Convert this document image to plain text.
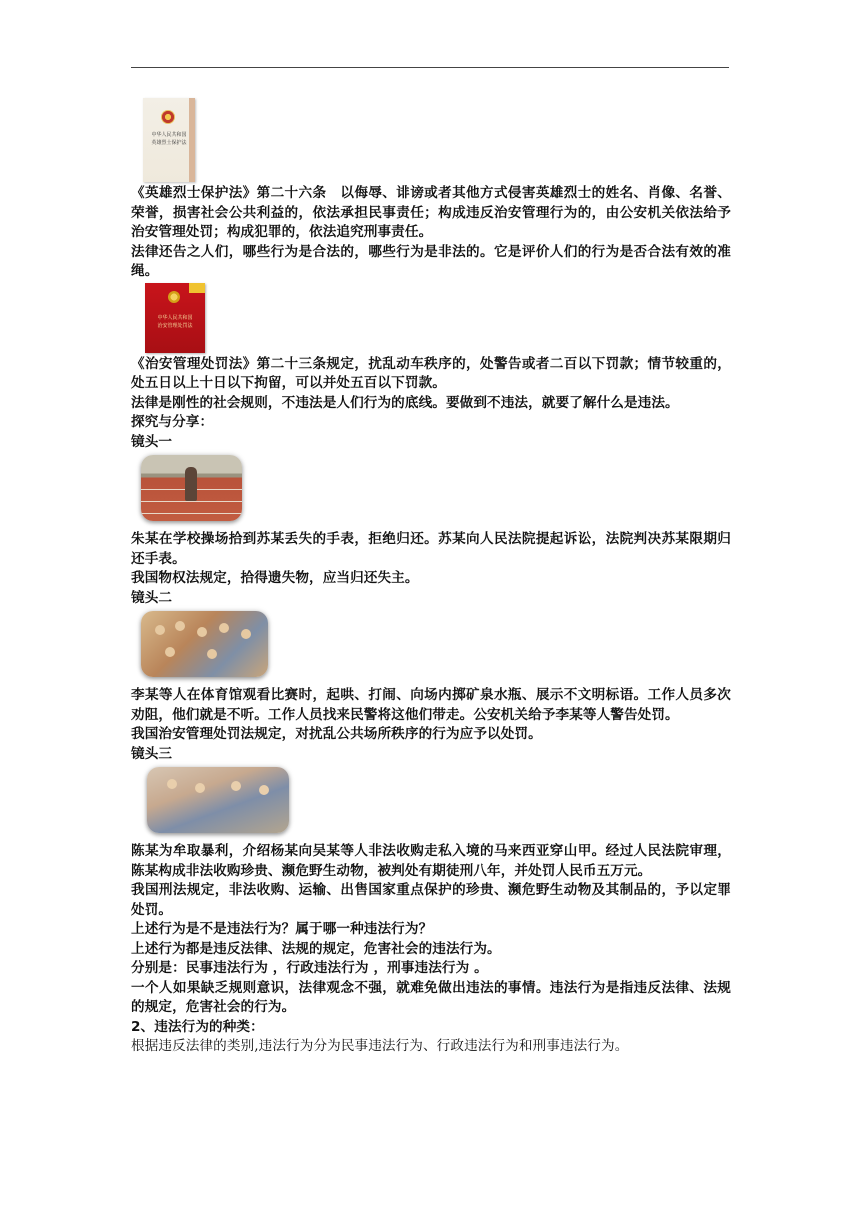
中华人民共和国
英雄烈士保护法

《英雄烈士保护法》第二十六条　以侮辱、诽谤或者其他方式侵害英雄烈士的姓名、肖像、名誉、荣誉，损害社会公共利益的，依法承担民事责任；构成违反治安管理行为的，由公安机关依法给予治安管理处罚；构成犯罪的，依法追究刑事责任。

法律还告之人们，哪些行为是合法的，哪些行为是非法的。它是评价人们的行为是否合法有效的准绳。

中华人民共和国
治安管理处罚法

《治安管理处罚法》第二十三条规定，扰乱动车秩序的，处警告或者二百以下罚款；情节较重的，处五日以上十日以下拘留，可以并处五百以下罚款。

法律是刚性的社会规则，不违法是人们行为的底线。要做到不违法，就要了解什么是违法。

探究与分享：

镜头一

朱某在学校操场拾到苏某丢失的手表，拒绝归还。苏某向人民法院提起诉讼，法院判决苏某限期归还手表。

我国物权法规定，拾得遗失物，应当归还失主。

镜头二

李某等人在体育馆观看比赛时，起哄、打闹、向场内掷矿泉水瓶、展示不文明标语。工作人员多次劝阻，他们就是不听。工作人员找来民警将这他们带走。公安机关给予李某等人警告处罚。

我国治安管理处罚法规定，对扰乱公共场所秩序的行为应予以处罚。

镜头三

陈某为牟取暴利，介绍杨某向吴某等人非法收购走私入境的马来西亚穿山甲。经过人民法院审理，陈某构成非法收购珍贵、濒危野生动物，被判处有期徒刑八年，并处罚人民币五万元。

我国刑法规定，非法收购、运输、出售国家重点保护的珍贵、濒危野生动物及其制品的，予以定罪处罚。

上述行为是不是违法行为？属于哪一种违法行为？

上述行为都是违反法律、法规的规定，危害社会的违法行为。

分别是：民事违法行为 ，行政违法行为 ，刑事违法行为 。

一个人如果缺乏规则意识，法律观念不强，就难免做出违法的事情。违法行为是指违反法律、法规的规定，危害社会的行为。

2、违法行为的种类：

根据违反法律的类别,违法行为分为民事违法行为、行政违法行为和刑事违法行为。
